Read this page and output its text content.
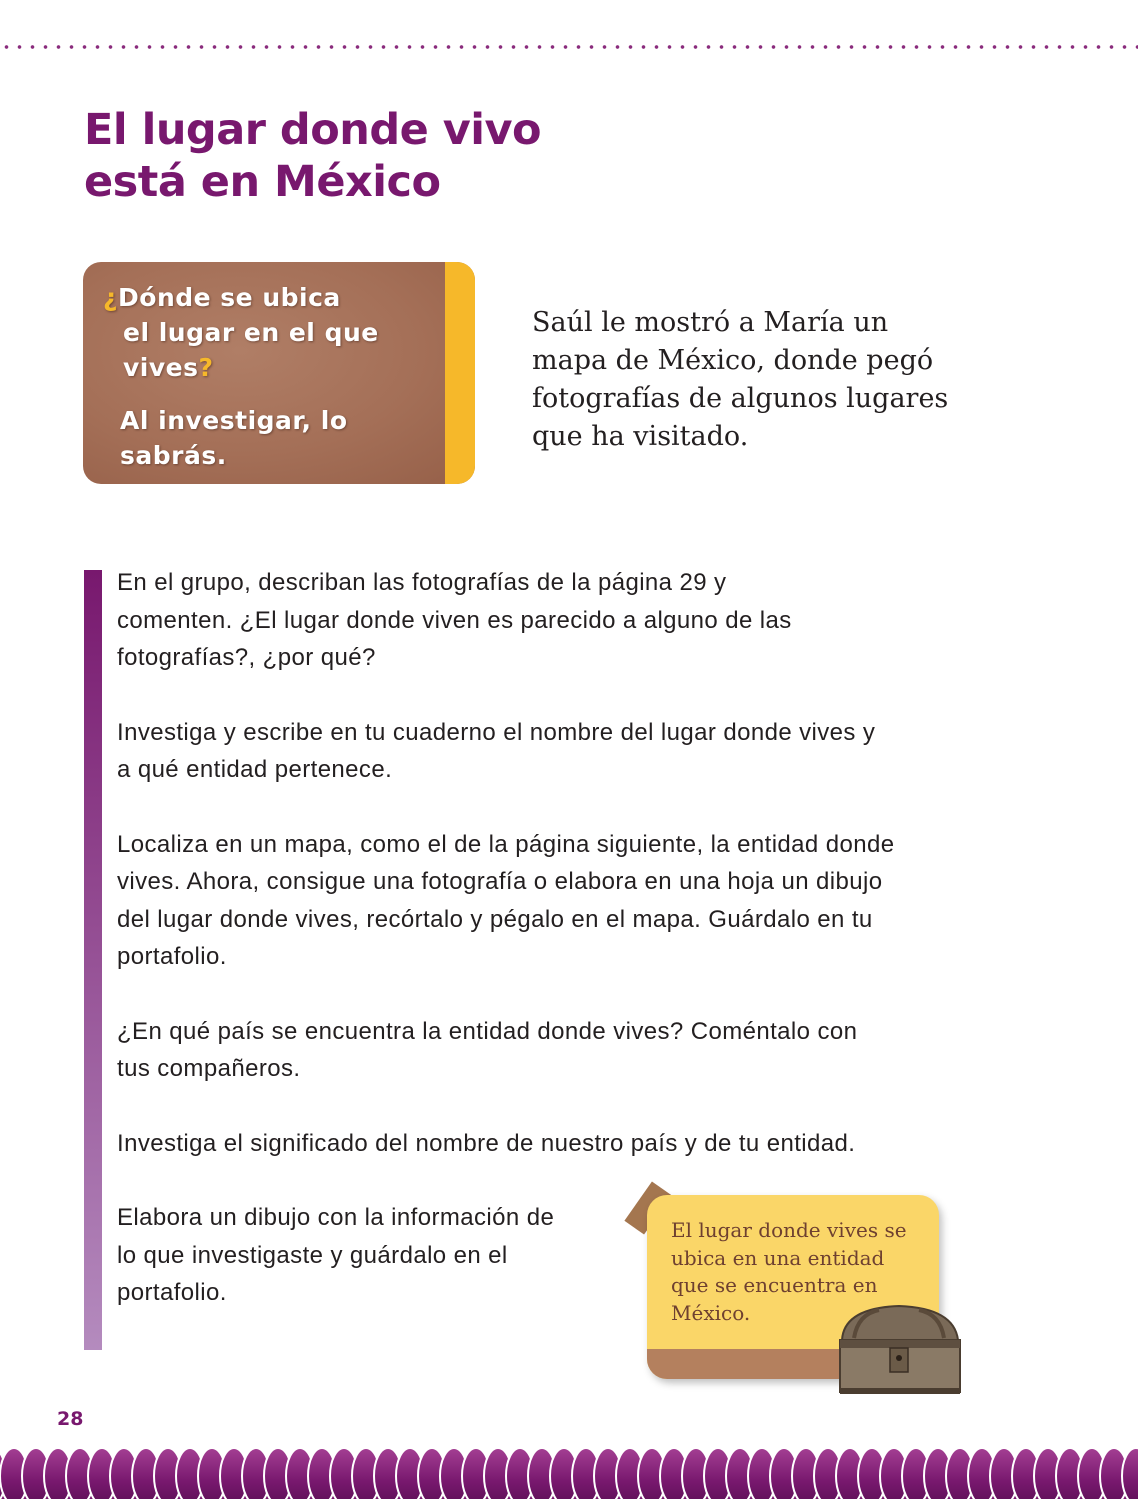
El lugar donde vivo
está en México
¿Dónde se ubica
el lugar en el que
vives?
Al investigar, lo sabrás.
Saúl le mostró a María un mapa de México, donde pegó fotografías de algunos lugares que ha visitado.

En el grupo, describan las fotografías de la página 29 y comenten. ¿El lugar donde viven es parecido a alguno de las fotografías?, ¿por qué?

Investiga y escribe en tu cuaderno el nombre del lugar donde vives y a qué entidad pertenece.

Localiza en un mapa, como el de la página siguiente, la entidad donde vives. Ahora, consigue una fotografía o elabora en una hoja un dibujo del lugar donde vives, recórtalo y pégalo en el mapa. Guárdalo en tu portafolio.

¿En qué país se encuentra la entidad donde vives? Coméntalo con tus compañeros.

Investiga el significado del nombre de nuestro país y de tu entidad.

Elabora un dibujo con la información de lo que investigaste y guárdalo en el portafolio.

El lugar donde vives se ubica en una entidad que se encuentra en México.
28
